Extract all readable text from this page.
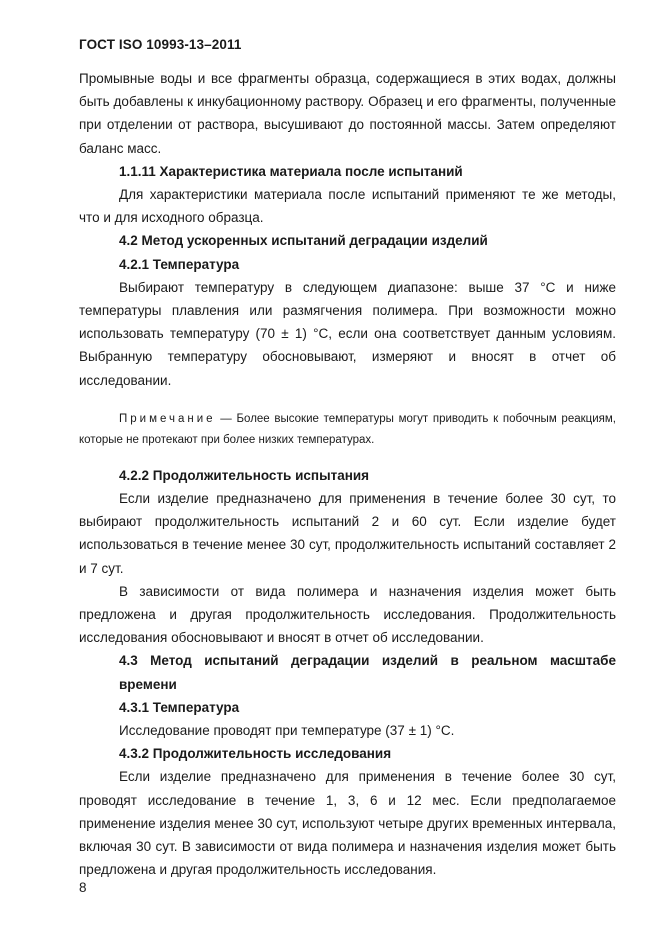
ГОСТ ISO 10993-13–2011

Промывные воды и все фрагменты образца, содержащиеся в этих водах, должны быть добавлены к инкубационному раствору. Образец и его фрагменты, полученные при отделении от раствора, высушивают до постоянной массы. Затем определяют баланс масс.

1.1.11 Характеристика материала после испытаний

Для характеристики материала после испытаний применяют те же методы, что и для исходного образца.

4.2 Метод ускоренных испытаний деградации изделий

4.2.1 Температура

Выбирают температуру в следующем диапазоне: выше 37 °С и ниже температуры плавления или размягчения полимера. При возможности можно использовать температуру (70 ± 1) °С, если она соответствует данным условиям. Выбранную температуру обосновывают, измеряют и вносят в отчет об исследовании.

Примечание — Более высокие температуры могут приводить к побочным реакциям, которые не протекают при более низких температурах.

4.2.2 Продолжительность испытания

Если изделие предназначено для применения в течение более 30 сут, то выбирают продолжительность испытаний 2 и 60 сут. Если изделие будет использоваться в течение менее 30 сут, продолжительность испытаний составляет 2 и 7 сут.

В зависимости от вида полимера и назначения изделия может быть предложена и другая продолжительность исследования. Продолжительность исследования обосновывают и вносят в отчет об исследовании.

4.3 Метод испытаний деградации изделий в реальном масштабе времени

4.3.1 Температура

Исследование проводят при температуре (37 ± 1) °С.

4.3.2 Продолжительность исследования

Если изделие предназначено для применения в течение более 30 сут, проводят исследование в течение 1, 3, 6 и 12 мес. Если предполагаемое применение изделия менее 30 сут, используют четыре других временных интервала, включая 30 сут. В зависимости от вида полимера и назначения изделия может быть предложена и другая продолжительность исследования.

8
